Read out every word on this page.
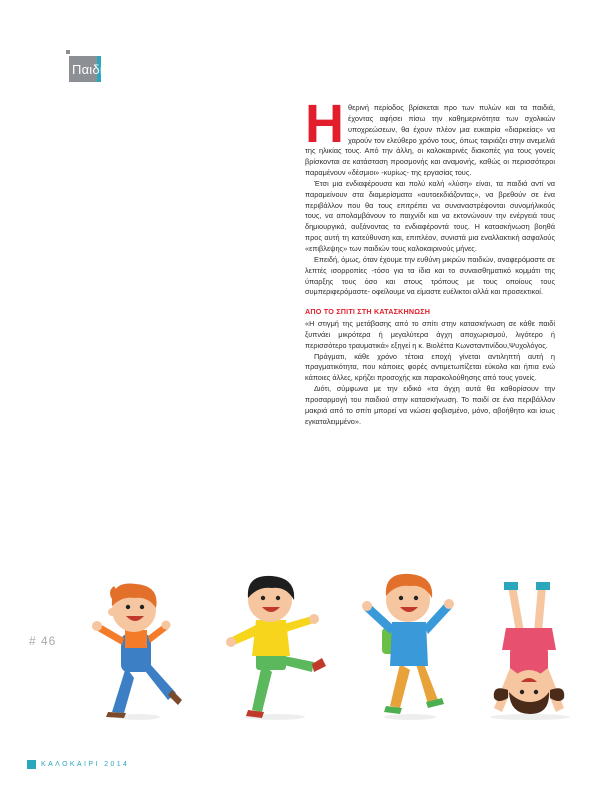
Παιδί
Η θερινή περίοδος βρίσκεται προ των πυλών και τα παιδιά, έχοντας αφήσει πίσω την καθημερινότητα των σχολικών υποχρεώσεων, θα έχουν πλέον μια ευκαιρία «διαρκείας» να χαρούν τον ελεύθερο χρόνο τους, όπως ταιριάζει στην ανεμελιά της ηλικίας τους. Από την άλλη, οι καλοκαιρινές διακοπές για τους γονείς βρίσκονται σε κατάσταση προσμονής και αναμονής, καθώς οι περισσότεροι παραμένουν «δέσμιοι» -κυρίως- της εργασίας τους.

Έτσι μια ενδιαφέρουσα και πολύ καλή «λύση» είναι, τα παιδιά αντί να παραμείνουν στα διαμερίσματα «αυτοεκδιάζοντας», να βρεθούν σε ένα περιβάλλον που θα τους επιτρέπει να συναναστρέφονται συνομήλικούς τους, να απολαμβάνουν το παιχνίδι και να εκτονώνουν την ενέργειά τους δημιουργικά, αυξάνοντας τα ενδιαφέροντά τους. Η κατασκήνωση βοηθά προς αυτή τη κατεύθυνση και, επιπλέον, συνιστά μια εναλλακτική ασφαλούς «επιβλεψης» των παιδιών τους καλοκαιρινούς μήνες.

Επειδή, όμως, όταν έχουμε την ευθύνη μικρών παιδιών, αναφερόμαστε σε λεπτές ισορροπίες -τόσο για τα ίδια και το συναισθηματικό κομμάτι της ύπαρξης τους όσο και στους τρόπους με τους οποίους τους συμπεριφερόμαστε- οφείλουμε να είμαστε ευέλικτοι αλλά και προσεκτικοί.

ΑΠΟ ΤΟ ΣΠΙΤΙ ΣΤΗ ΚΑΤΑΣΚΗΝΩΣΗ

«Η στιγμή της μετάβασης από το σπίτι στην κατασκήνωση σε κάθε παιδί ξυπνάει μικρότερα ή μεγαλύτερα άγχη αποχωρισμού, λιγότερο ή περισσότερο τραυματικά» εξηγεί η κ. Βιολέττα Κωνσταντινίδου,Ψυχολόγος.

Πράγματι, κάθε χρόνο τέτοια εποχή γίνεται αντιληπτή αυτή η πραγματικότητα, που κάποιες φορές αντιμετωπίζεται εύκολα και ήπια ενώ κάποιες άλλες, κρήζει προσοχής και παρακολούθησης από τους γονείς.

Διότι, σύμφωνα με την ειδικό «τα άγχη αυτά θα καθορίσουν την προσαρμογή του παιδιού στην κατασκήνωση. Το παιδί σε ένα περιβάλλον μακριά από το σπίτι μπορεί να νιώσει φοβισμένο, μόνο, αβοήθητο και ίσως εγκαταλειμμένο».

# 46
ΚΑΛΟΚΑΙΡΙ 2014
